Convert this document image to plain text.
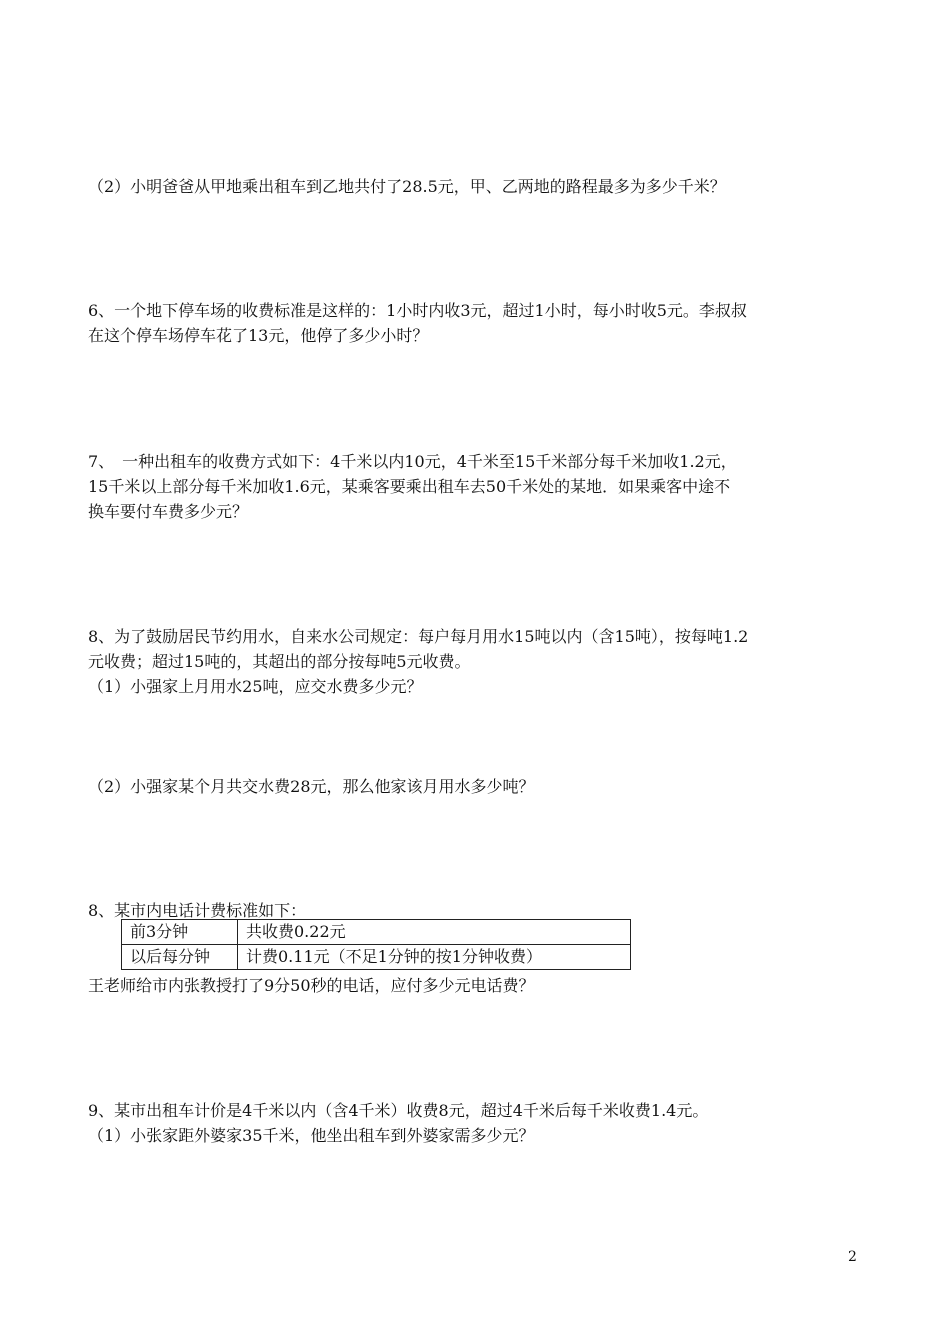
（2）小明爸爸从甲地乘出租车到乙地共付了28.5元，甲、乙两地的路程最多为多少千米？
6、一个地下停车场的收费标准是这样的：1小时内收3元，超过1小时，每小时收5元。李叔叔
在这个停车场停车花了13元，他停了多少小时？
7、　一种出租车的收费方式如下：4千米以内10元，4千米至15千米部分每千米加收1.2元，
15千米以上部分每千米加收1.6元，某乘客要乘出租车去50千米处的某地．如果乘客中途不
换车要付车费多少元？
8、为了鼓励居民节约用水，自来水公司规定：每户每月用水15吨以内（含15吨），按每吨1.2
元收费；超过15吨的，其超出的部分按每吨5元收费。
（1）小强家上月用水25吨，应交水费多少元？
（2）小强家某个月共交水费28元，那么他家该月用水多少吨？
8、某市内电话计费标准如下：
前3分钟	共收费0.22元
以后每分钟	计费0.11元（不足1分钟的按1分钟收费）
王老师给市内张教授打了9分50秒的电话，应付多少元电话费？
9、某市出租车计价是4千米以内（含4千米）收费8元，超过4千米后每千米收费1.4元。
（1）小张家距外婆家35千米，他坐出租车到外婆家需多少元？
2
